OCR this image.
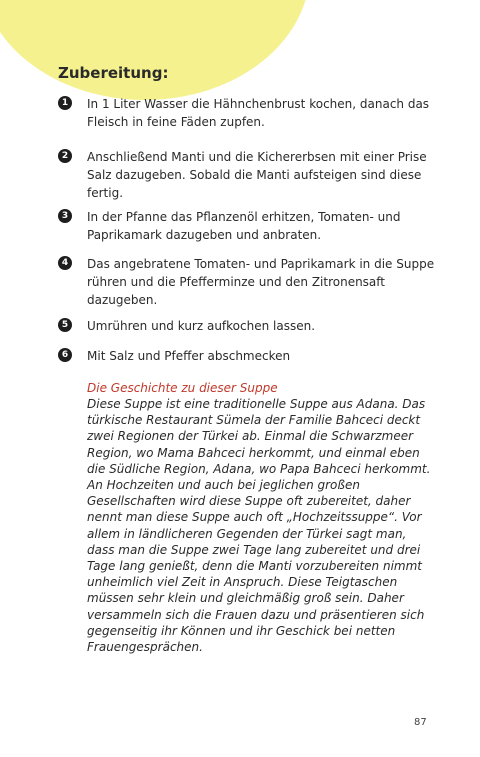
Zubereitung:
1	In 1 Liter Wasser die Hähnchenbrust kochen, danach das Fleisch in feine Fäden zupfen.
2	Anschließend Manti und die Kichererbsen mit einer Prise Salz dazugeben. Sobald die Manti aufsteigen sind diese fertig.
3	In der Pfanne das Pflanzenöl erhitzen, Tomaten- und Paprikamark dazugeben und anbraten.
4	Das angebratene Tomaten- und Paprikamark in die Suppe rühren und die Pfefferminze und den Zitronensaft dazugeben.
5	Umrühren und kurz aufkochen lassen.
6	Mit Salz und Pfeffer abschmecken

Die Geschichte zu dieser Suppe

Diese Suppe ist eine traditionelle Suppe aus Adana. Das türkische Restaurant Sümela der Familie Bahceci deckt zwei Regionen der Türkei ab. Einmal die Schwarzmeer Region, wo Mama Bahceci herkommt, und einmal eben die Südliche Region, Adana, wo Papa Bahceci herkommt. An Hochzeiten und auch bei jeglichen großen Gesellschaften wird diese Suppe oft zubereitet, daher nennt man diese Suppe auch oft „Hochzeitssuppe“. Vor allem in ländlicheren Gegenden der Türkei sagt man, dass man die Suppe zwei Tage lang zubereitet und drei Tage lang genießt, denn die Manti vorzubereiten nimmt unheimlich viel Zeit in Anspruch. Diese Teigtaschen müssen sehr klein und gleichmäßig groß sein. Daher versammeln sich die Frauen dazu und präsentieren sich gegenseitig ihr Können und ihr Geschick bei netten Frauengesprächen.

87
